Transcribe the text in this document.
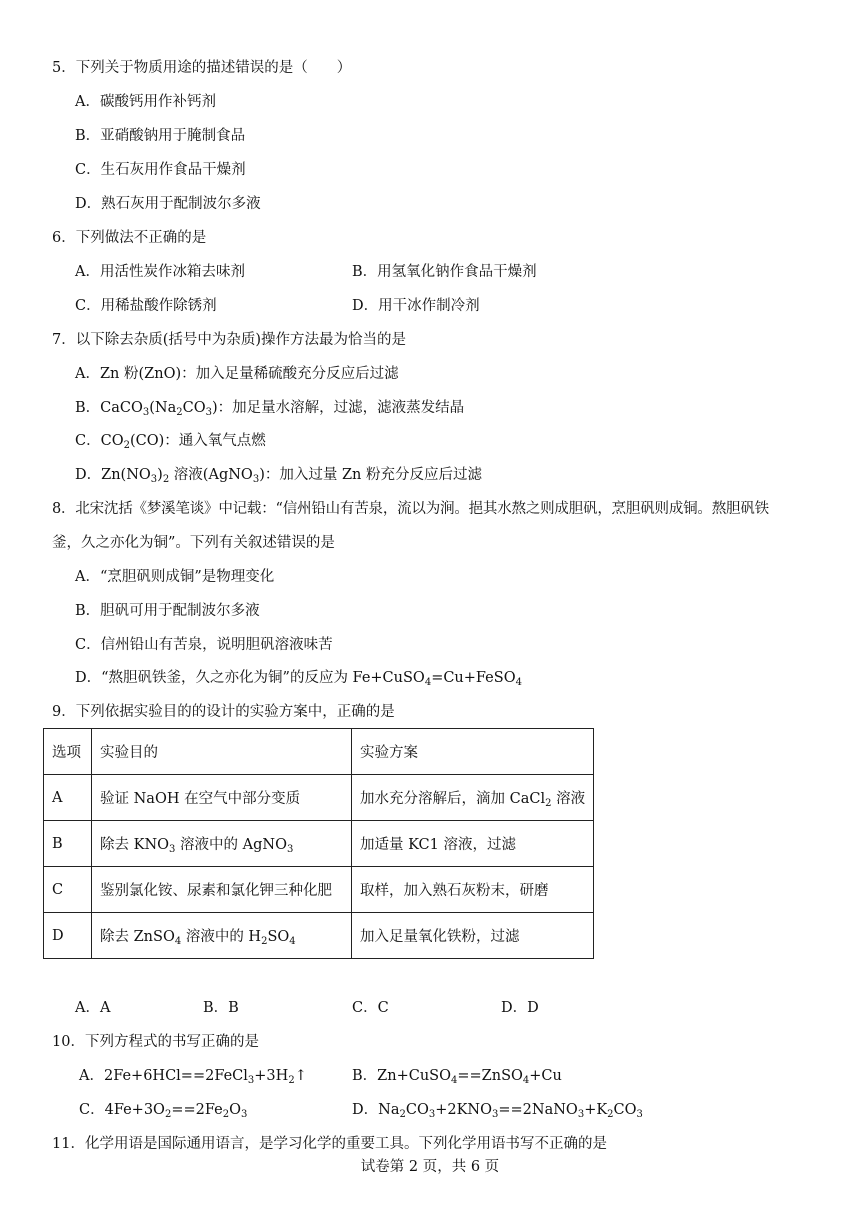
5．下列关于物质用途的描述错误的是（　　）
A．碳酸钙用作补钙剂
B．亚硝酸钠用于腌制食品
C．生石灰用作食品干燥剂
D．熟石灰用于配制波尔多液
6．下列做法不正确的是
A．用活性炭作冰箱去味剂	B．用氢氧化钠作食品干燥剂
C．用稀盐酸作除锈剂	D．用干冰作制冷剂
7．以下除去杂质(括号中为杂质)操作方法最为恰当的是
A．Zn 粉(ZnO)：加入足量稀硫酸充分反应后过滤
B．$CaCO_3(Na_2CO_3)$：加足量水溶解，过滤，滤液蒸发结晶
C．$CO_2(CO)$：通入氧气点燃
D．$Zn(NO_3)_2$ 溶液(AgNO$_3$)：加入过量 Zn 粉充分反应后过滤
8．北宋沈括《梦溪笔谈》中记载：“信州铅山有苦泉，流以为涧。挹其水熬之则成胆矾，烹胆矾则成铜。熬胆矾铁
釜，久之亦化为铜”。下列有关叙述错误的是
A．“烹胆矾则成铜”是物理变化
B．胆矾可用于配制波尔多液
C．信州铅山有苦泉，说明胆矾溶液味苦
D．“熬胆矾铁釜，久之亦化为铜”的反应为 Fe+CuSO$_4$=Cu+FeSO$_4$
9．下列依据实验目的的设计的实验方案中，正确的是
选项	实验目的	实验方案
A	验证 NaOH 在空气中部分变质	加水充分溶解后，滴加 CaCl$_2$ 溶液
B	除去 $KNO_3$ 溶液中的 AgNO$_3$	加适量 KC1 溶液，过滤
C	鉴别氯化铵、尿素和氯化钾三种化肥	取样，加入熟石灰粉末，研磨
D	除去 ZnSO$_4$ 溶液中的 $H_2SO_4$	加入足量氧化铁粉，过滤
A．A	B．B	C．C	D．D
10．下列方程式的书写正确的是
A．$2Fe+6HCl==2FeCl_3+3H_2↑$	B．Zn+CuSO$_4$==ZnSO$_4$+Cu
C．$4Fe+3O_2==2Fe_2O_3$	D．$Na_2CO_3+2KNO_3==2NaNO_3+K_2CO_3$
11．化学用语是国际通用语言，是学习化学的重要工具。下列化学用语书写不正确的是
试卷第 2 页，共 6 页
